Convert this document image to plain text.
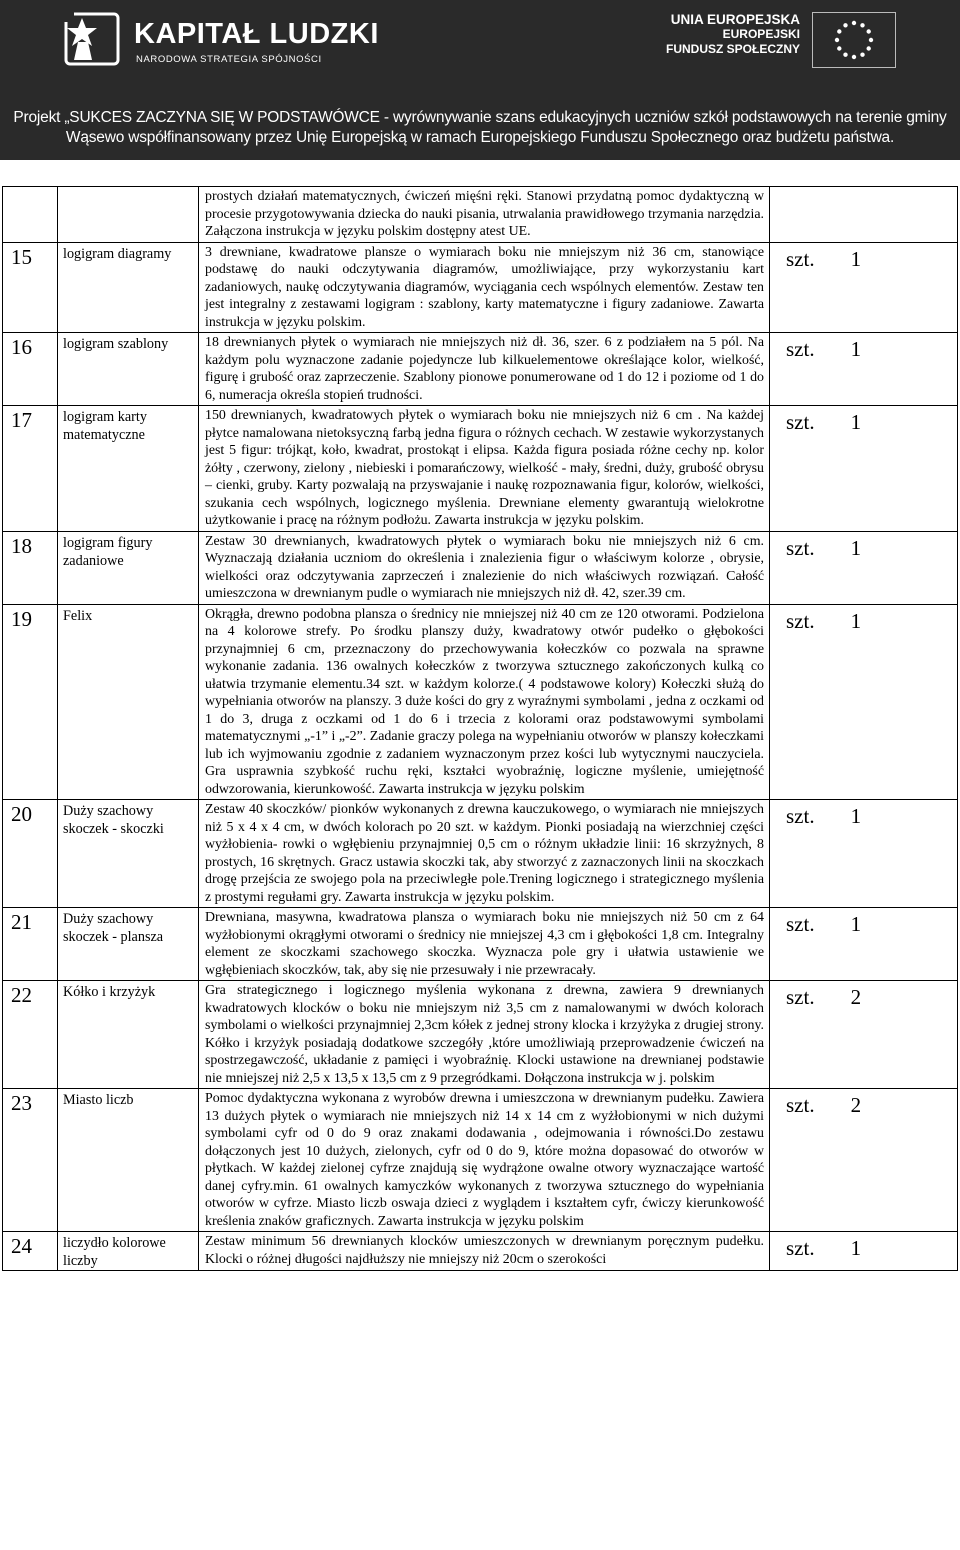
KAPITAŁ LUDZKI
NARODOWA STRATEGIA SPÓJNOŚCI
UNIA EUROPEJSKA
EUROPEJSKI
FUNDUSZ SPOŁECZNY
Projekt „SUKCES ZACZYNA SIĘ W PODSTAWÓWCE - wyrównywanie szans edukacyjnych uczniów szkół podstawowych na terenie gminy
Wąsewo współfinansowany przez Unię Europejską w ramach Europejskiego Funduszu Społecznego oraz budżetu państwa.
		prostych działań matematycznych, ćwiczeń mięśni ręki. Stanowi przydatną pomoc dydaktyczną w procesie przygotowywania dziecka do nauki pisania, utrwalania prawidłowego trzymania narzędzia. Załączona instrukcja w języku polskim dostępny atest UE.	
15	logigram diagramy	3 drewniane, kwadratowe plansze o wymiarach boku nie mniejszym niż 36 cm, stanowiące podstawę do nauki odczytywania diagramów, umożliwiające, przy wykorzystaniu kart zadaniowych, naukę odczytywania diagramów, wyciągania cech wspólnych elementów. Zestaw ten jest integralny z zestawami logigram : szablony, karty matematyczne i figury zadaniowe. Zawarta instrukcja w języku polskim.	szt. 1
16	logigram szablony	18 drewnianych płytek o wymiarach nie mniejszych niż dł. 36, szer. 6 z podziałem na 5 pól. Na każdym polu wyznaczone zadanie pojedyncze lub kilkuelementowe określające kolor, wielkość, figurę i grubość oraz zaprzeczenie. Szablony pionowe ponumerowane od 1 do 12 i poziome od 1 do 6, numeracja określa stopień trudności.	szt. 1
17	logigram karty matematyczne	150 drewnianych, kwadratowych płytek o wymiarach boku nie mniejszych niż 6 cm . Na każdej płytce namalowana nietoksyczną farbą jedna figura o różnych cechach. W zestawie wykorzystanych jest 5 figur: trójkąt, koło, kwadrat, prostokąt i elipsa. Każda figura posiada różne cechy np. kolor żółty , czerwony, zielony , niebieski i pomarańczowy, wielkość - mały, średni, duży, grubość obrysu – cienki, gruby. Karty pozwalają na przyswajanie i naukę rozpoznawania figur, kolorów, wielkości, szukania cech wspólnych, logicznego myślenia. Drewniane elementy gwarantują wielokrotne użytkowanie i pracę na różnym podłożu. Zawarta instrukcja w języku polskim.	szt. 1
18	logigram figury zadaniowe	Zestaw 30 drewnianych, kwadratowych płytek o wymiarach boku nie mniejszych niż 6 cm. Wyznaczają działania uczniom do określenia i znalezienia figur o właściwym kolorze , obrysie, wielkości oraz odczytywania zaprzeczeń i znalezienie do nich właściwych rozwiązań. Całość umieszczona w drewnianym pudle o wymiarach nie mniejszych niż dł. 42, szer.39 cm.	szt. 1
19	Felix	Okrągła, drewno podobna plansza o średnicy nie mniejszej niż 40 cm ze 120 otworami. Podzielona na 4 kolorowe strefy. Po środku planszy duży, kwadratowy otwór pudełko o głębokości przynajmniej 6 cm, przeznaczony do przechowywania kołeczków co pozwala na sprawne wykonanie zadania. 136 owalnych kołeczków z tworzywa sztucznego zakończonych kulką co ułatwia trzymanie elementu.34 szt. w każdym kolorze.( 4 podstawowe kolory) Kołeczki służą do wypełniania otworów na planszy. 3 duże kości do gry z wyraźnymi symbolami , jedna z oczkami od 1 do 3, druga z oczkami od 1 do 6 i trzecia z kolorami oraz podstawowymi symbolami matematycznymi „-1” i „-2”. Zadanie graczy polega na wypełnianiu otworów w planszy kołeczkami lub ich wyjmowaniu zgodnie z zadaniem wyznaczonym przez kości lub wytycznymi nauczyciela. Gra usprawnia szybkość ruchu ręki, kształci wyobraźnię, logiczne myślenie, umiejętność odwzorowania, kierunkowość. Zawarta instrukcja w języku polskim	szt. 1
20	Duży szachowy skoczek - skoczki	Zestaw 40 skoczków/ pionków wykonanych z drewna kauczukowego, o wymiarach nie mniejszych niż 5 x 4 x 4 cm, w dwóch kolorach po 20 szt. w każdym. Pionki posiadają na wierzchniej części wyżłobienia- rowki o wgłębieniu przynajmniej 0,5 cm o różnym układzie linii: 16 skrzyżnych, 8 prostych, 16 skrętnych. Gracz ustawia skoczki tak, aby stworzyć z zaznaczonych linii na skoczkach drogę przejścia ze swojego pola na przeciwległe pole.Trening logicznego i strategicznego myślenia z prostymi regułami gry. Zawarta instrukcja w języku polskim.	szt. 1
21	Duży szachowy skoczek - plansza	Drewniana, masywna, kwadratowa plansza o wymiarach boku nie mniejszych niż 50 cm z 64 wyżłobionymi okrągłymi otworami o średnicy nie mniejszej 4,3 cm i głębokości 1,8 cm. Integralny element ze skoczkami szachowego skoczka. Wyznacza pole gry i ułatwia ustawienie we wgłębieniach skoczków, tak, aby się nie przesuwały i nie przewracały.	szt. 1
22	Kółko i krzyżyk	Gra strategicznego i logicznego myślenia wykonana z drewna, zawiera 9 drewnianych kwadratowych klocków o boku nie mniejszym niż 3,5 cm z namalowanymi w dwóch kolorach symbolami o wielkości przynajmniej 2,3cm kółek z jednej strony klocka i krzyżyka z drugiej strony. Kółko i krzyżyk posiadają dodatkowe szczegóły ,które umożliwiają przeprowadzenie ćwiczeń na spostrzegawczość, układanie z pamięci i wyobraźnię. Klocki ustawione na drewnianej podstawie nie mniejszej niż 2,5 x 13,5 x 13,5 cm z 9 przegródkami. Dołączona instrukcja w j. polskim	szt. 2
23	Miasto liczb	Pomoc dydaktyczna wykonana z wyrobów drewna i umieszczona w drewnianym pudełku. Zawiera 13 dużych płytek o wymiarach nie mniejszych niż 14 x 14 cm z wyżłobionymi w nich dużymi symbolami cyfr od 0 do 9 oraz znakami dodawania , odejmowania i równości.Do zestawu dołączonych jest 10 dużych, zielonych, cyfr od 0 do 9, które można dopasować do otworów w płytkach. W każdej zielonej cyfrze znajdują się wydrążone owalne otwory wyznaczające wartość danej cyfry.min. 61 owalnych kamyczków wykonanych z tworzywa sztucznego do wypełniania otworów w cyfrze. Miasto liczb oswaja dzieci z wyglądem i kształtem cyfr, ćwiczy kierunkowość kreślenia znaków graficznych. Zawarta instrukcja w języku polskim	szt. 2
24	liczydło kolorowe liczby	Zestaw minimum 56 drewnianych klocków umieszczonych w drewnianym poręcznym pudełku. Klocki o różnej długości najdłuższy nie mniejszy niż 20cm o szerokości	szt. 1
